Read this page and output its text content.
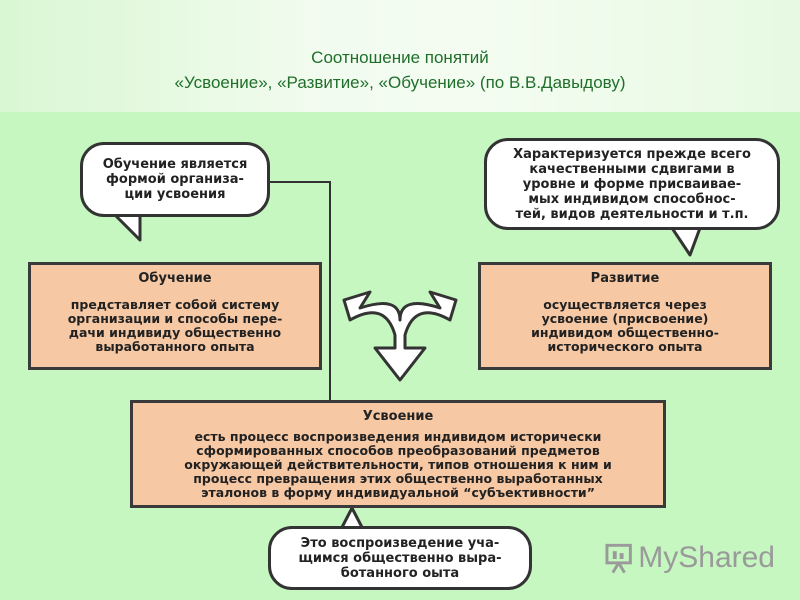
Соотношение понятий
«Усвоение», «Развитие», «Обучение» (по В.В.Давыдову)
Обучение является
формой организа-
ции усвоения
Характеризуется прежде всего
качественными сдвигами в
уровне и форме присваивае-
мых индивидом способнос-
тей, видов деятельности и т.п.
Обучение
представляет собой систему
организации и способы пере-
дачи индивиду общественно
выработанного опыта
Развитие
осуществляется через
усвоение (присвоение)
индивидом общественно-
исторического опыта
Усвоение
есть процесс воспроизведения индивидом исторически
сформированных способов преобразований предметов
окружающей действительности, типов отношения к ним и
процесс превращения этих общественно выработанных
эталонов в форму индивидуальной “субъективности”
Это воспроизведение уча-
щимся общественно выра-
ботанного оыта	MyShared
